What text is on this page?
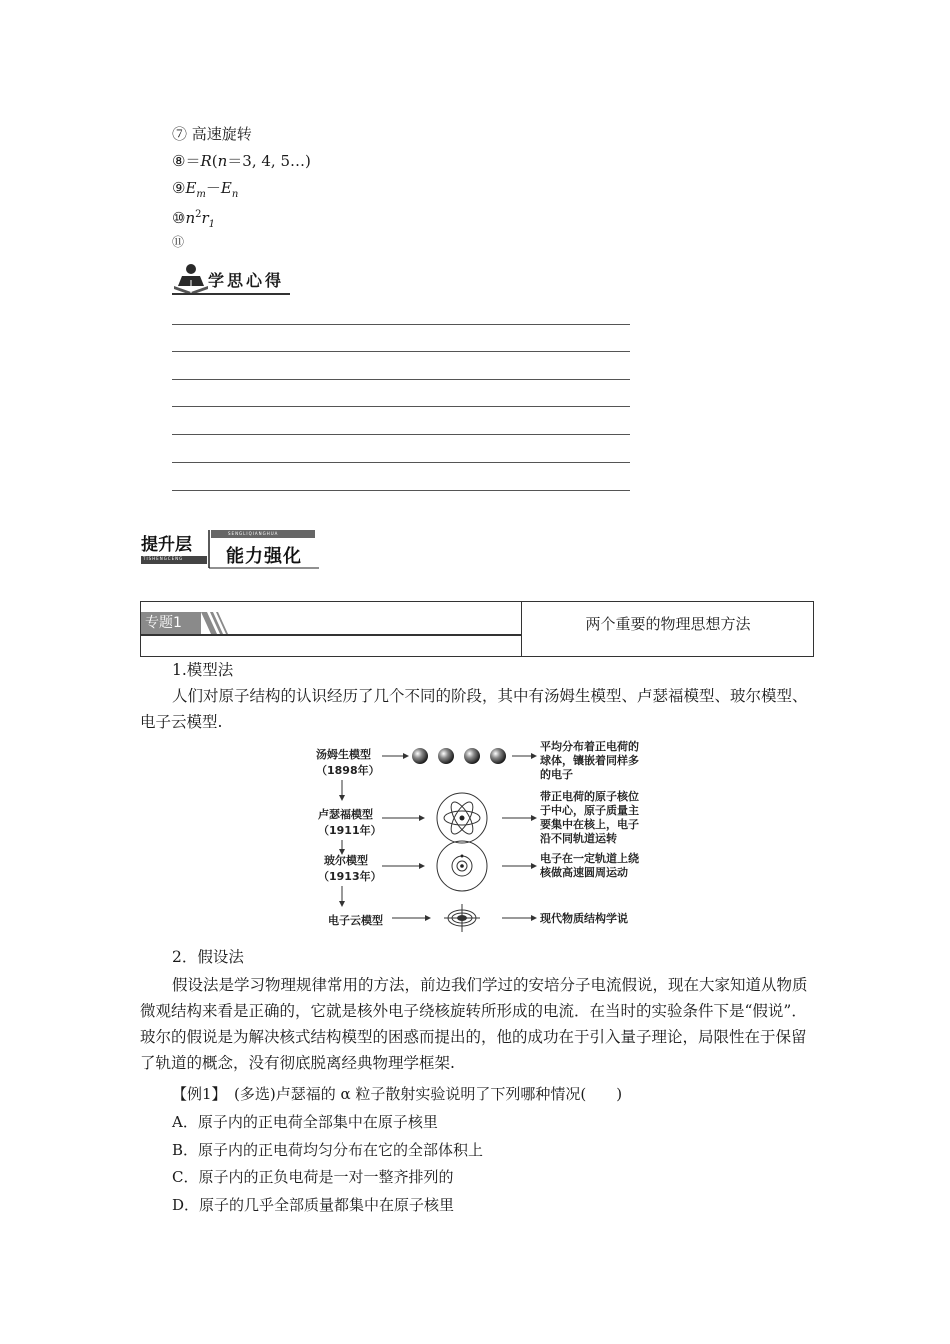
⑦ 高速旋转
⑧＝R(n＝3, 4, 5…)
$⑨E_m-E_n$
$⑩n^2r_1$
⑪
学思心得
提升层
TISHENGCENG 能力强化
SENGLIQIANGHUA
专题1	两个重要的物理思想方法
1.模型法
人们对原子结构的认识经历了几个不同的阶段，其中有汤姆生模型、卢瑟福模型、玻尔模型、电子云模型.
汤姆生模型
（1898年）
平均分布着正电荷的
球体，镶嵌着同样多
的电子
卢瑟福模型
（1911年）
带正电荷的原子核位
于中心，原子质量主
要集中在核上，电子
沿不同轨道运转
玻尔模型
（1913年）
电子在一定轨道上绕
核做高速圆周运动
电子云模型	现代物质结构学说
2．假设法
假设法是学习物理规律常用的方法，前边我们学过的安培分子电流假说，现在大家知道从物质微观结构来看是正确的，它就是核外电子绕核旋转所形成的电流．在当时的实验条件下是“假说”．玻尔的假说是为解决核式结构模型的困惑而提出的，他的成功在于引入量子理论，局限性在于保留了轨道的概念，没有彻底脱离经典物理学框架.
【例1】　(多选)卢瑟福的 α 粒子散射实验说明了下列哪种情况(　　)
A．原子内的正电荷全部集中在原子核里
B．原子内的正电荷均匀分布在它的全部体积上
C．原子内的正负电荷是一对一整齐排列的
D．原子的几乎全部质量都集中在原子核里
